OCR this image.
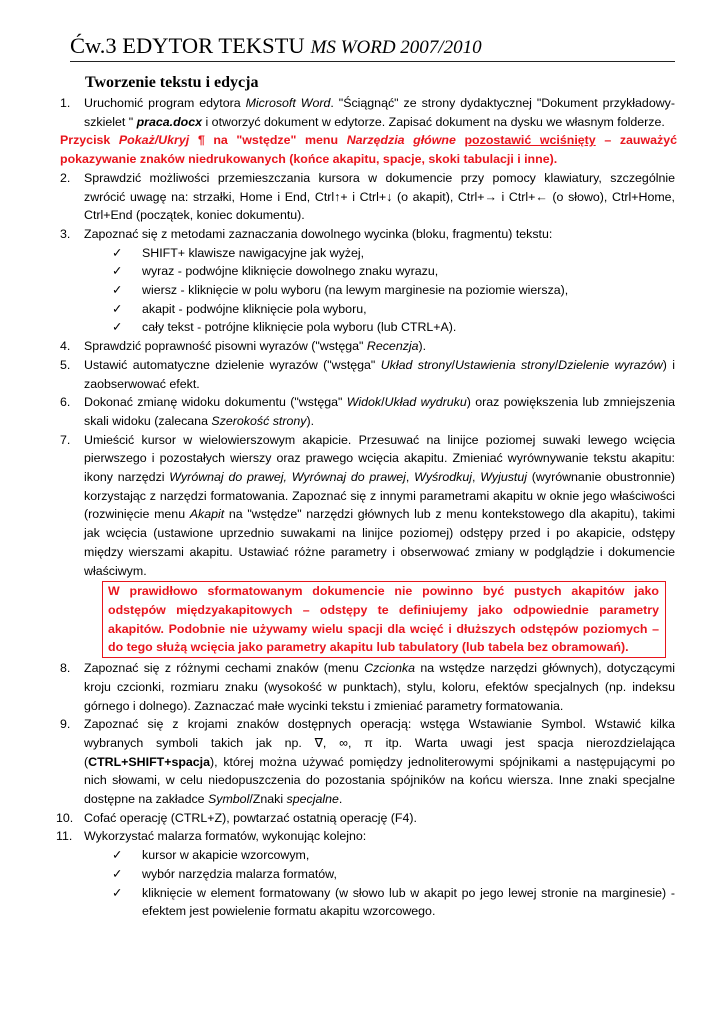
Ćw.3 EDYTOR TEKSTU MS WORD 2007/2010
Tworzenie tekstu i edycja
1.	Uruchomić program edytora Microsoft Word. "Ściągnąć" ze strony dydaktycznej "Dokument przykładowy-szkielet " praca.docx i otworzyć dokument w edytorze. Zapisać dokument na dysku we własnym folderze.
Przycisk Pokaż/Ukryj ¶ na "wstędze" menu Narzędzia główne pozostawić wciśnięty – zauważyć pokazywanie znaków niedrukowanych (końce akapitu, spacje, skoki tabulacji i inne).
2.	Sprawdzić możliwości przemieszczania kursora w dokumencie przy pomocy klawiatury, szczególnie zwrócić uwagę na: strzałki, Home i End, Ctrl↑+ i Ctrl+↓ (o akapit), Ctrl+→ i Ctrl+← (o słowo), Ctrl+Home, Ctrl+End (początek, koniec dokumentu).
3.	Zapoznać się z metodami zaznaczania dowolnego wycinka (bloku, fragmentu) tekstu:
✓	SHIFT+ klawisze nawigacyjne jak wyżej,
✓	wyraz - podwójne kliknięcie dowolnego znaku wyrazu,
✓	wiersz - kliknięcie w polu wyboru (na lewym marginesie na poziomie wiersza),
✓	akapit - podwójne kliknięcie pola wyboru,
✓	cały tekst - potrójne kliknięcie pola wyboru (lub CTRL+A).
4.	Sprawdzić poprawność pisowni wyrazów ("wstęga" Recenzja).
5.	Ustawić automatyczne dzielenie wyrazów ("wstęga" Układ strony/Ustawienia strony/Dzielenie wyrazów) i zaobserwować efekt.
6.	Dokonać zmianę widoku dokumentu ("wstęga" Widok/Układ wydruku) oraz powiększenia lub zmniejszenia skali widoku (zalecana Szerokość strony).
7.	Umieścić kursor w wielowierszowym akapicie. Przesuwać na linijce poziomej suwaki lewego wcięcia pierwszego i pozostałych wierszy oraz prawego wcięcia akapitu. Zmieniać wyrównywanie tekstu akapitu: ikony narzędzi Wyrównaj do prawej, Wyrównaj do prawej, Wyśrodkuj, Wyjustuj (wyrównanie obustronnie) korzystając z narzędzi formatowania. Zapoznać się z innymi parametrami akapitu w oknie jego właściwości (rozwinięcie menu Akapit na "wstędze" narzędzi głównych lub z menu kontekstowego dla akapitu), takimi jak wcięcia (ustawione uprzednio suwakami na linijce poziomej) odstępy przed i po akapicie, odstępy między wierszami akapitu. Ustawiać różne parametry i obserwować zmiany w podglądzie i dokumencie właściwym.
W prawidłowo sformatowanym dokumencie nie powinno być pustych akapitów jako odstępów międzyakapitowych – odstępy te definiujemy jako odpowiednie parametry akapitów. Podobnie nie używamy wielu spacji dla wcięć i dłuższych odstępów poziomych – do tego służą wcięcia jako parametry akapitu lub tabulatory (lub tabela bez obramowań).
8.	Zapoznać się z różnymi cechami znaków (menu Czcionka na wstędze narzędzi głównych), dotyczącymi kroju czcionki, rozmiaru znaku (wysokość w punktach), stylu, koloru, efektów specjalnych (np. indeksu górnego i dolnego). Zaznaczać małe wycinki tekstu i zmieniać parametry formatowania.
9.	Zapoznać się z krojami znaków dostępnych operacją: wstęga Wstawianie Symbol. Wstawić kilka wybranych symboli takich jak np. ∇, ∞, π itp. Warta uwagi jest spacja nierozdzielająca (CTRL+SHIFT+spacja), której można używać pomiędzy jednoliterowymi spójnikami a następującymi po nich słowami, w celu niedopuszczenia do pozostania spójników na końcu wiersza. Inne znaki specjalne dostępne na zakładce Symbol/Znaki specjalne.
10. Cofać operację (CTRL+Z), powtarzać ostatnią operację (F4).
11. Wykorzystać malarza formatów, wykonując kolejno:
✓	kursor w akapicie wzorcowym,
✓	wybór narzędzia malarza formatów,
✓	kliknięcie w element formatowany (w słowo lub w akapit po jego lewej stronie na marginesie) - efektem jest powielenie formatu akapitu wzorcowego.
